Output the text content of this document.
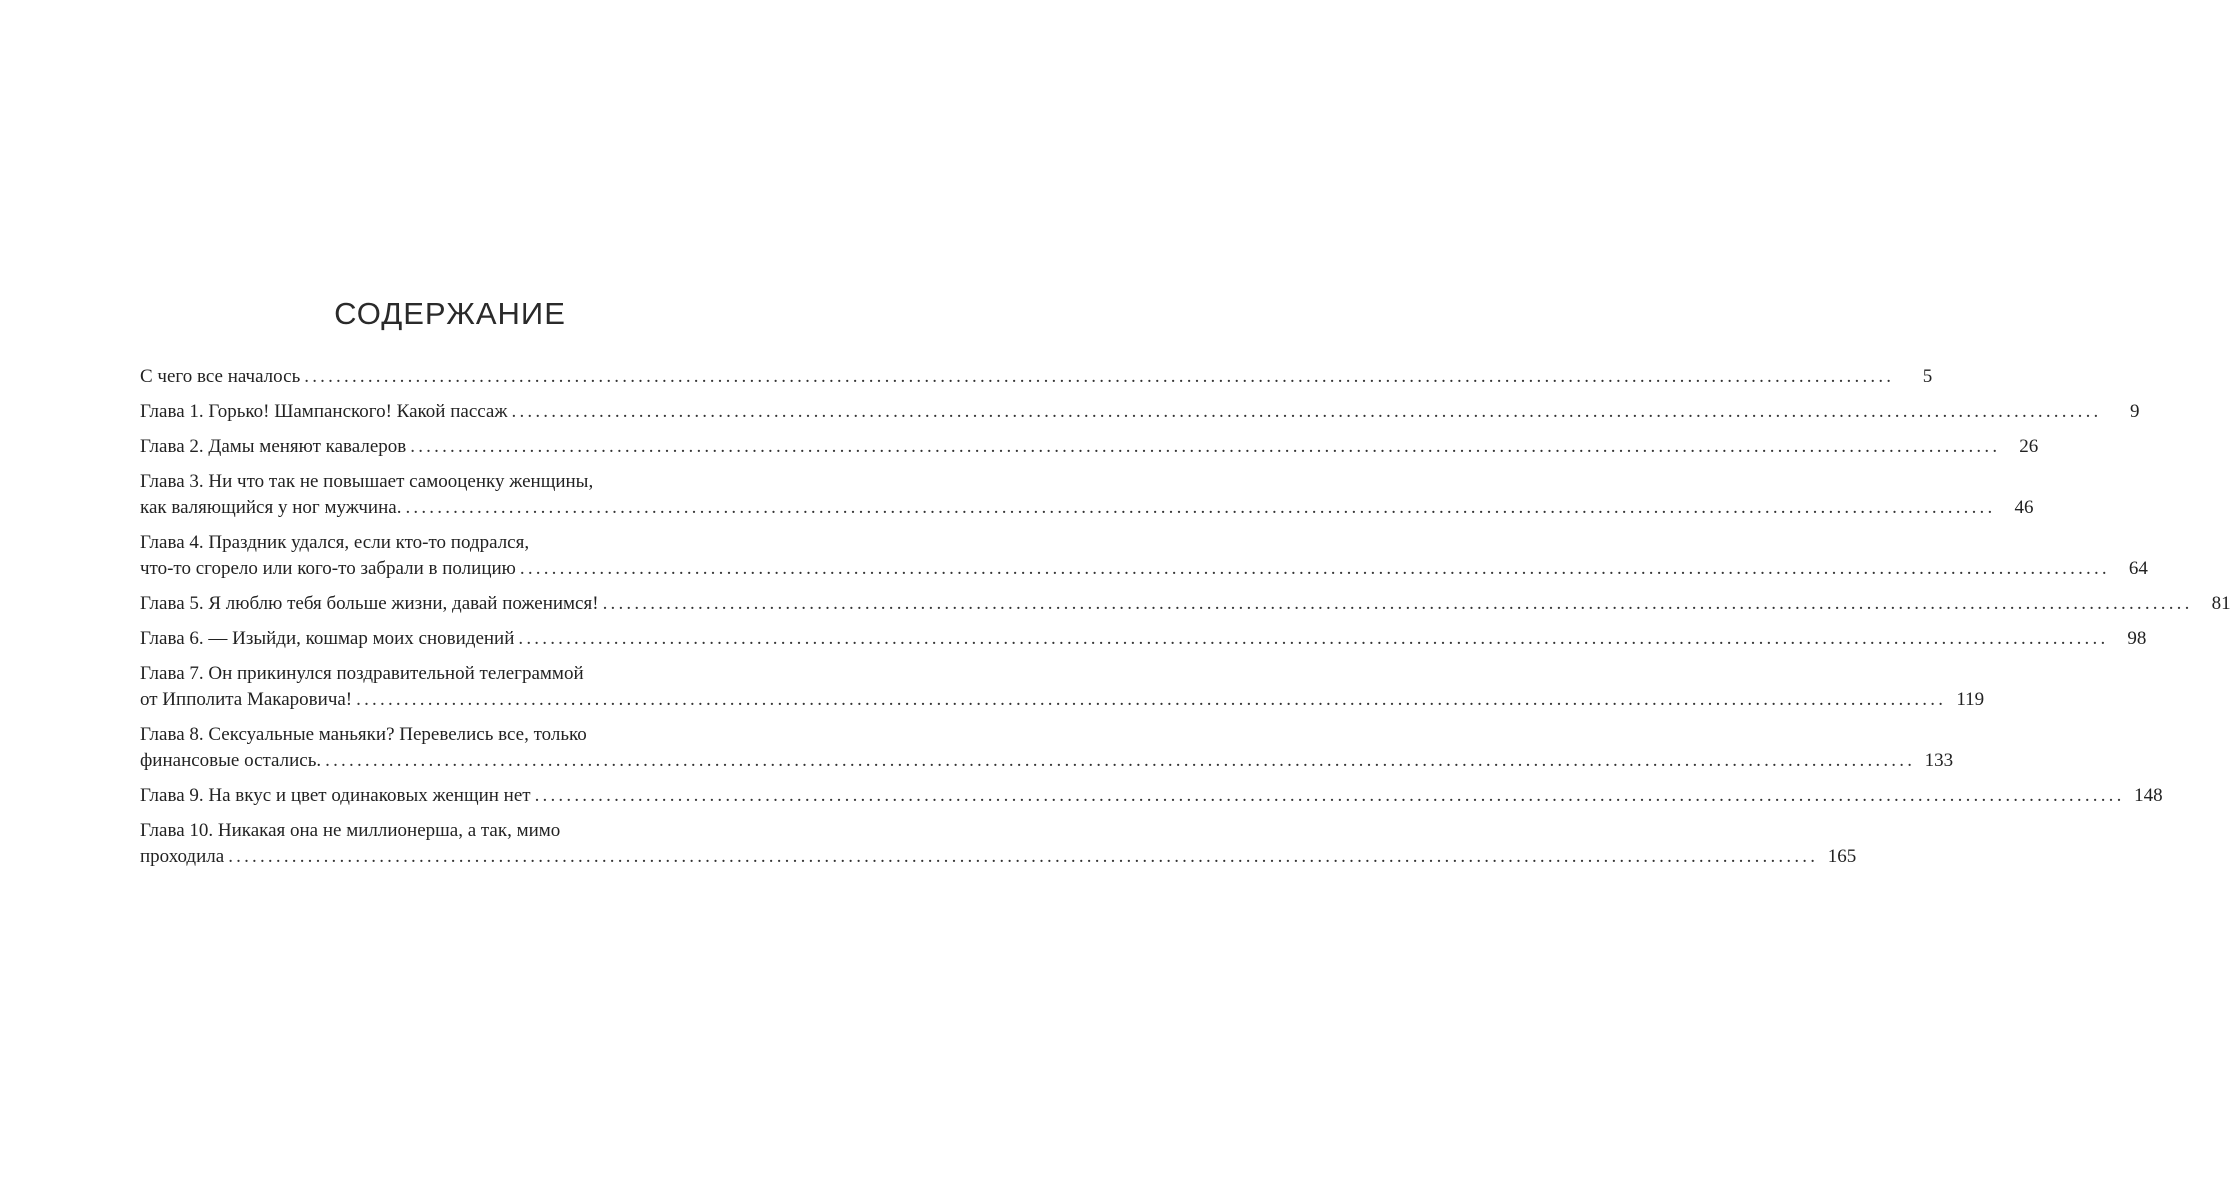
СОДЕРЖАНИЕ
С чего все началось ........................................................................................................................................................................................................	5
Глава 1. Горько! Шампанского! Какой пассаж ........................................................................................................................................................................................................	9
Глава 2. Дамы меняют кавалеров ........................................................................................................................................................................................................	26
Глава 3. Ни что так не повышает самооценку женщины,
как валяющийся у ног мужчина. ........................................................................................................................................................................................................	46
Глава 4. Праздник удался, если кто-то подрался,
что-то сгорело или кого-то забрали в полицию ........................................................................................................................................................................................................	64
Глава 5. Я люблю тебя больше жизни, давай поженимся! ........................................................................................................................................................................................................	81
Глава 6. — Изыйди, кошмар моих сновидений ........................................................................................................................................................................................................	98
Глава 7. Он прикинулся поздравительной телеграммой
от Ипполита Макаровича! ........................................................................................................................................................................................................ 119
Глава 8. Сексуальные маньяки? Перевелись все, только
финансовые остались. ........................................................................................................................................................................................................ 133
Глава 9. На вкус и цвет одинаковых женщин нет ........................................................................................................................................................................................................ 148
Глава 10. Никакая она не миллионерша, а так, мимо
проходила ........................................................................................................................................................................................................ 165
